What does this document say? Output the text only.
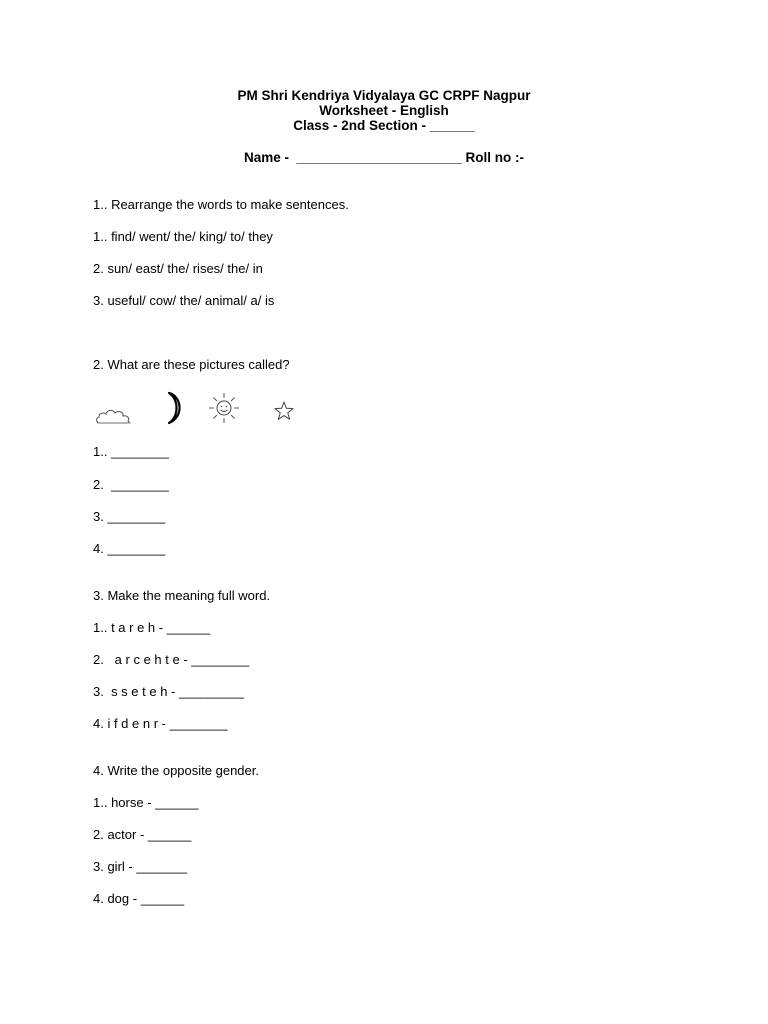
PM Shri Kendriya Vidyalaya GC CRPF Nagpur
Worksheet - English
Class - 2nd Section - ______
Name -  ______________________ Roll no :-
1.. Rearrange the words to make sentences.
1.. find/ went/ the/ king/ to/ they
2. sun/ east/ the/ rises/ the/ in
3. useful/ cow/ the/ animal/ a/ is
2. What are these pictures called?
1.. ________
2.  ________
3. ________
4. ________
3. Make the meaning full word.
1.. t a r e h - ______
2.   a r c e h t e - ________
3.  s s e t e h - _________
4. i f d e n r - ________
4. Write the opposite gender.
1.. horse - ______
2. actor - ______
3. girl - _______
4. dog - ______
